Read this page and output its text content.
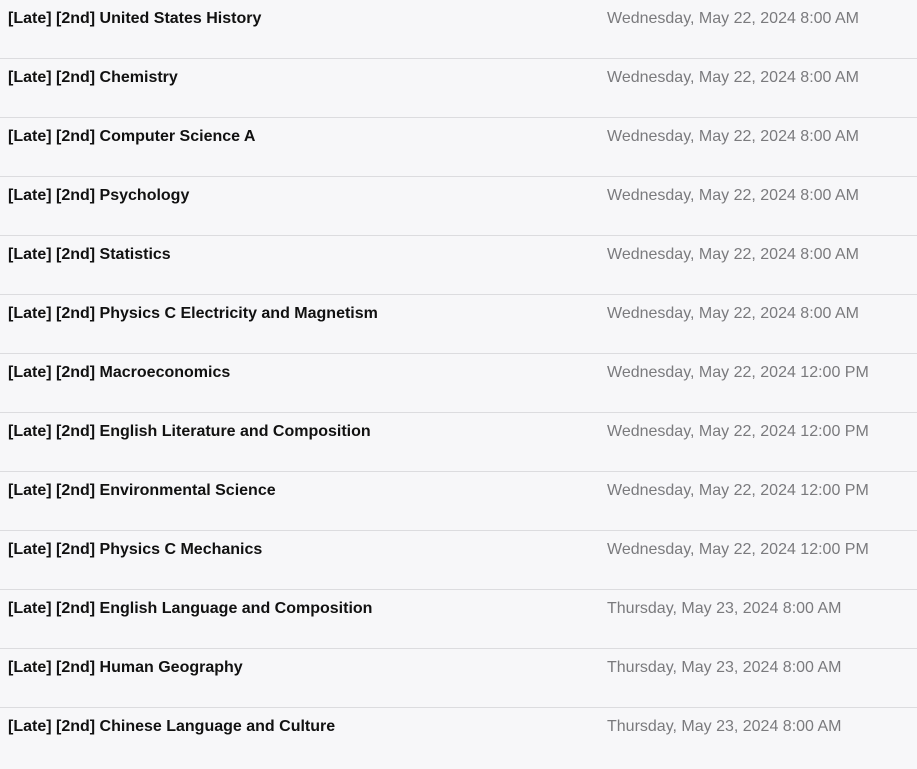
[Late] [2nd] United States History	Wednesday, May 22, 2024 8:00 AM
[Late] [2nd] Chemistry	Wednesday, May 22, 2024 8:00 AM
[Late] [2nd] Computer Science A	Wednesday, May 22, 2024 8:00 AM
[Late] [2nd] Psychology	Wednesday, May 22, 2024 8:00 AM
[Late] [2nd] Statistics	Wednesday, May 22, 2024 8:00 AM
[Late] [2nd] Physics C Electricity and Magnetism	Wednesday, May 22, 2024 8:00 AM
[Late] [2nd] Macroeconomics	Wednesday, May 22, 2024 12:00 PM
[Late] [2nd] English Literature and Composition	Wednesday, May 22, 2024 12:00 PM
[Late] [2nd] Environmental Science	Wednesday, May 22, 2024 12:00 PM
[Late] [2nd] Physics C Mechanics	Wednesday, May 22, 2024 12:00 PM
[Late] [2nd] English Language and Composition	Thursday, May 23, 2024 8:00 AM
[Late] [2nd] Human Geography	Thursday, May 23, 2024 8:00 AM
[Late] [2nd] Chinese Language and Culture	Thursday, May 23, 2024 8:00 AM
